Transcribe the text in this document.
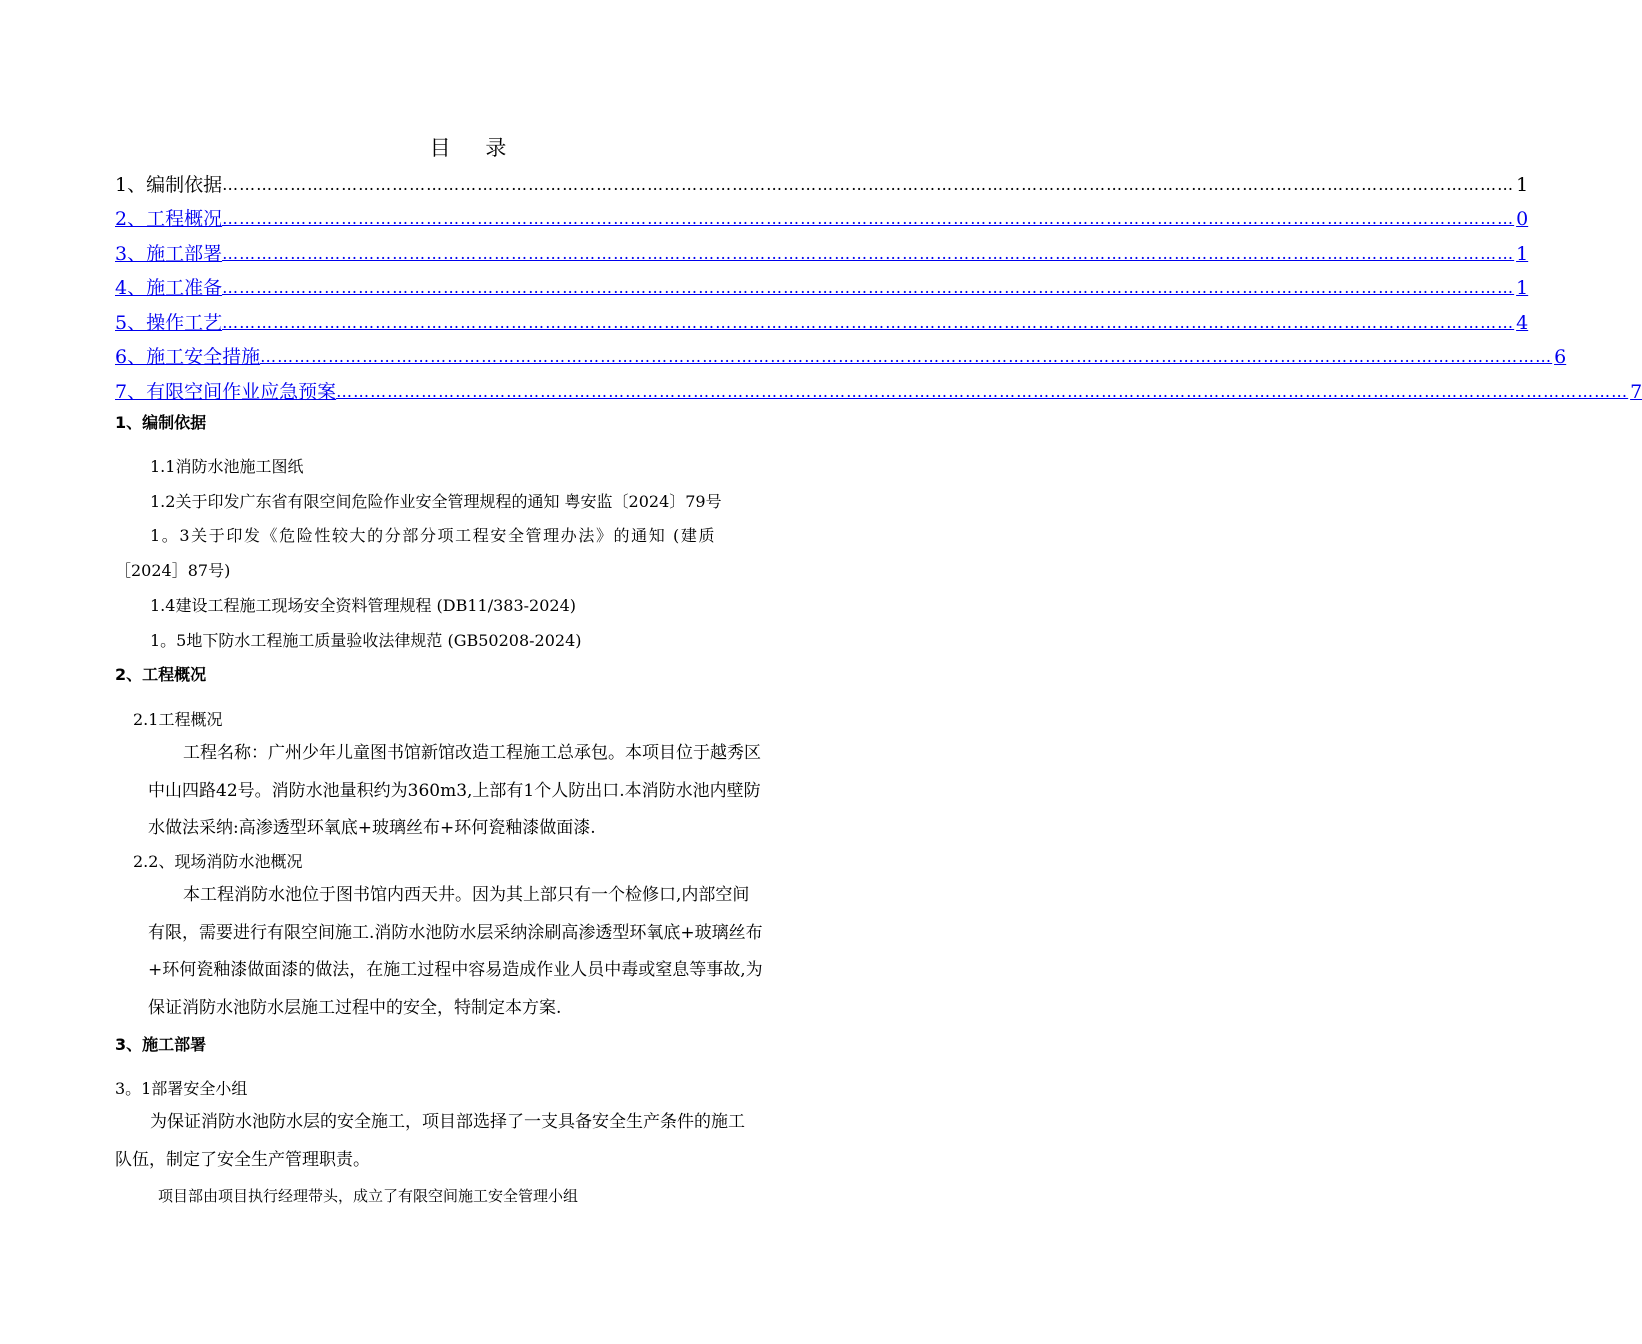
目 录
1、编制依据 ………………………………………………………………………………………………………………………………………………………………………………………………………… 1
2、工程概况 ………………………………………………………………………………………………………………………………………………………………………………………………………… 0
3、施工部署 ………………………………………………………………………………………………………………………………………………………………………………………………………… 1
4、施工准备 ………………………………………………………………………………………………………………………………………………………………………………………………………… 1
5、操作工艺 ………………………………………………………………………………………………………………………………………………………………………………………………………… 4
6、施工安全措施 ………………………………………………………………………………………………………………………………………………………………………………………………………… 6
7、有限空间作业应急预案 ………………………………………………………………………………………………………………………………………………………………………………………………………… 7
1、编制依据
1.1消防水池施工图纸
1.2关于印发广东省有限空间危险作业安全管理规程的通知 粤安监〔2024〕79号
1。3关于印发《危险性较大的分部分项工程安全管理办法》的通知 (建质
［2024］87号)
1.4建设工程施工现场安全资料管理规程 (DB11/383-2024)
1。5地下防水工程施工质量验收法律规范 (GB50208-2024)
2、工程概况
2.1工程概况
工程名称：广州少年儿童图书馆新馆改造工程施工总承包。本项目位于越秀区
中山四路42号。消防水池量积约为360m3,上部有1个人防出口.本消防水池内壁防
水做法采纳:高渗透型环氧底+玻璃丝布+环何瓷釉漆做面漆.
2.2、现场消防水池概况
本工程消防水池位于图书馆内西天井。因为其上部只有一个检修口,内部空间
有限，需要进行有限空间施工.消防水池防水层采纳涂刷高渗透型环氧底+玻璃丝布
+环何瓷釉漆做面漆的做法，在施工过程中容易造成作业人员中毒或窒息等事故,为
保证消防水池防水层施工过程中的安全，特制定本方案.
3、施工部署
3。1部署安全小组
为保证消防水池防水层的安全施工，项目部选择了一支具备安全生产条件的施工
队伍，制定了安全生产管理职责。
项目部由项目执行经理带头，成立了有限空间施工安全管理小组
